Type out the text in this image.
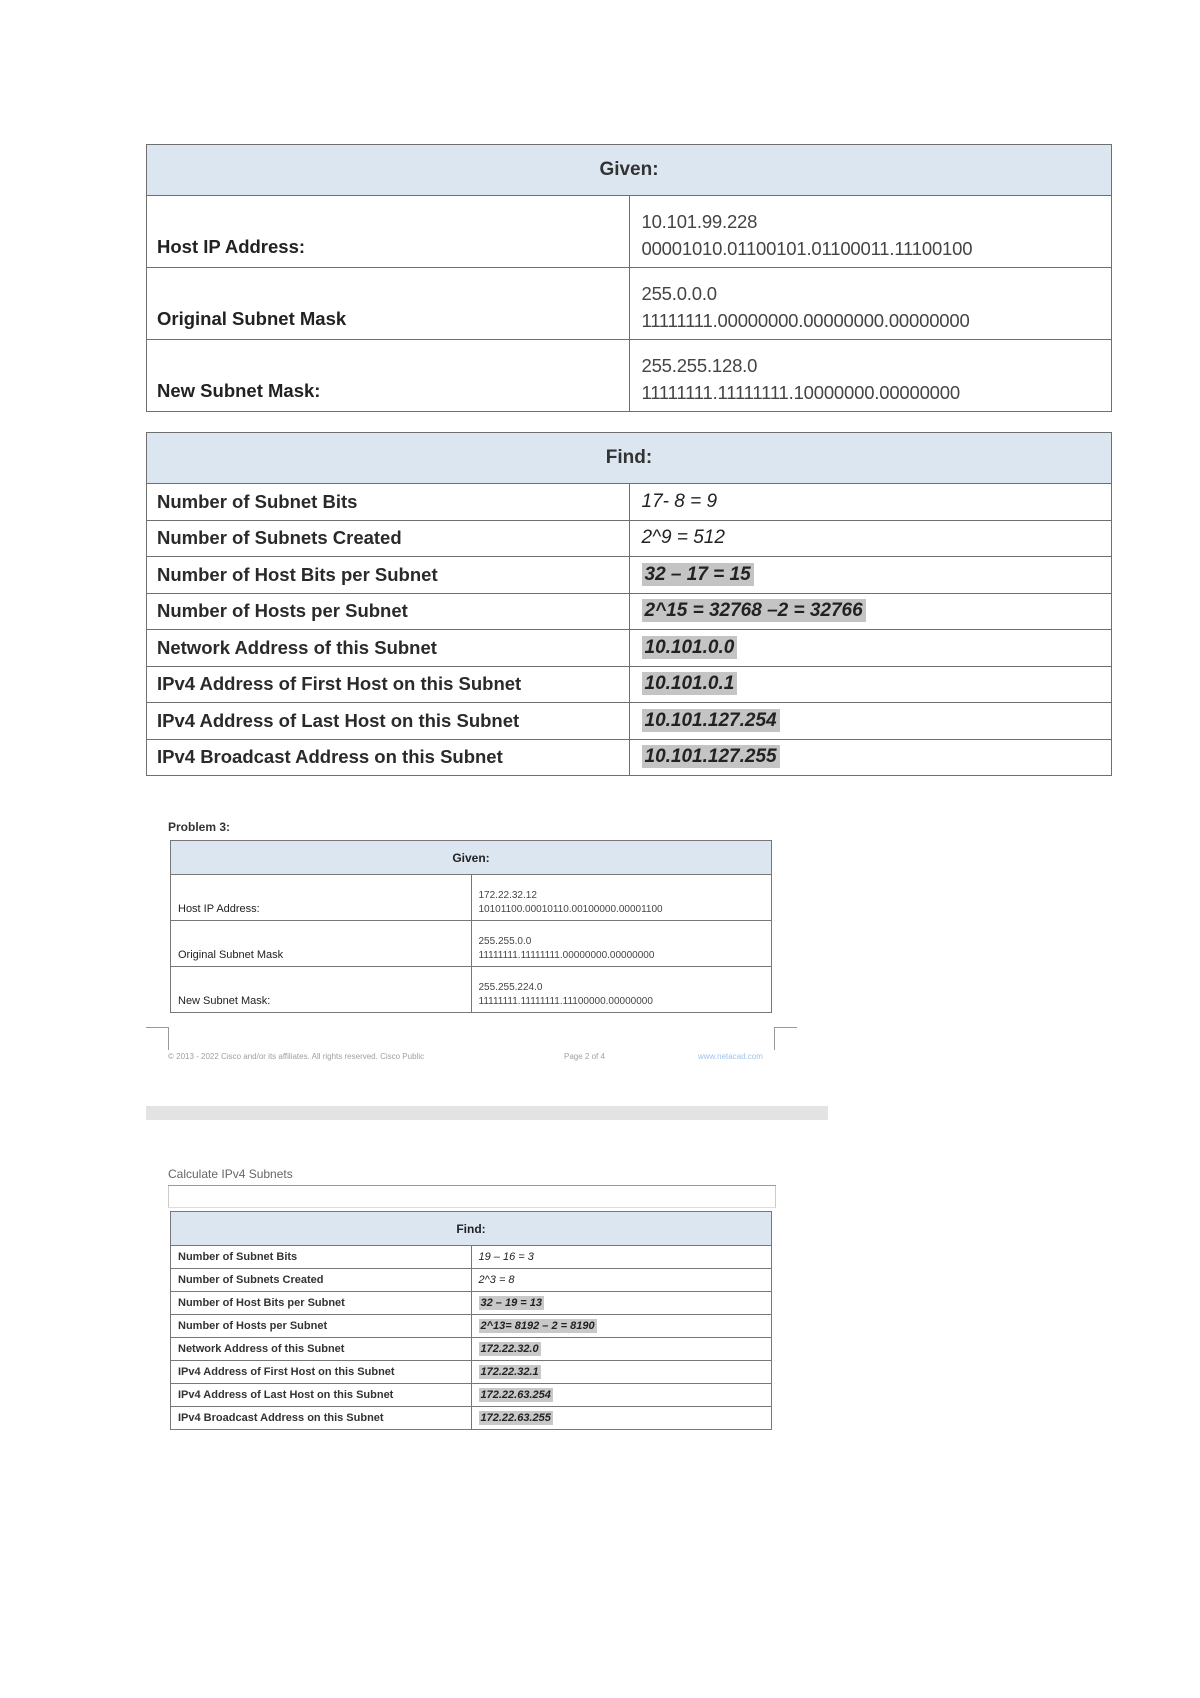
Given:	
Host IP Address:	10.101.99.228
00001010.01100101.01100011.11100100

Original Subnet Mask	255.0.0.0
11111111.00000000.00000000.00000000

New Subnet Mask:	255.255.128.0
11111111.11111111.10000000.00000000
Find:	
Number of Subnet Bits	17- 8 = 9
Number of Subnets Created	2^9 = 512
Number of Host Bits per Subnet	32 – 17 = 15
Number of Hosts per Subnet	2^15 = 32768 –2 = 32766
Network Address of this Subnet	10.101.0.0
IPv4 Address of First Host on this Subnet	10.101.0.1
IPv4 Address of Last Host on this Subnet	10.101.127.254
IPv4 Broadcast Address on this Subnet	10.101.127.255
Problem 3:
Given:	
Host IP Address:	172.22.32.12
10101100.00010110.00100000.00001100

Original Subnet Mask	255.255.0.0
11111111.11111111.00000000.00000000

New Subnet Mask:	255.255.224.0
11111111.11111111.11100000.00000000
© 2013 - 2022 Cisco and/or its affiliates. All rights reserved. Cisco Public	Page 2 of 4	www.netacad.com
Calculate IPv4 Subnets
Find:	
Number of Subnet Bits	19 – 16 = 3
Number of Subnets Created	2^3 = 8
Number of Host Bits per Subnet	32 – 19 = 13
Number of Hosts per Subnet	2^13= 8192 – 2 = 8190
Network Address of this Subnet	172.22.32.0
IPv4 Address of First Host on this Subnet	172.22.32.1
IPv4 Address of Last Host on this Subnet	172.22.63.254
IPv4 Broadcast Address on this Subnet	172.22.63.255
